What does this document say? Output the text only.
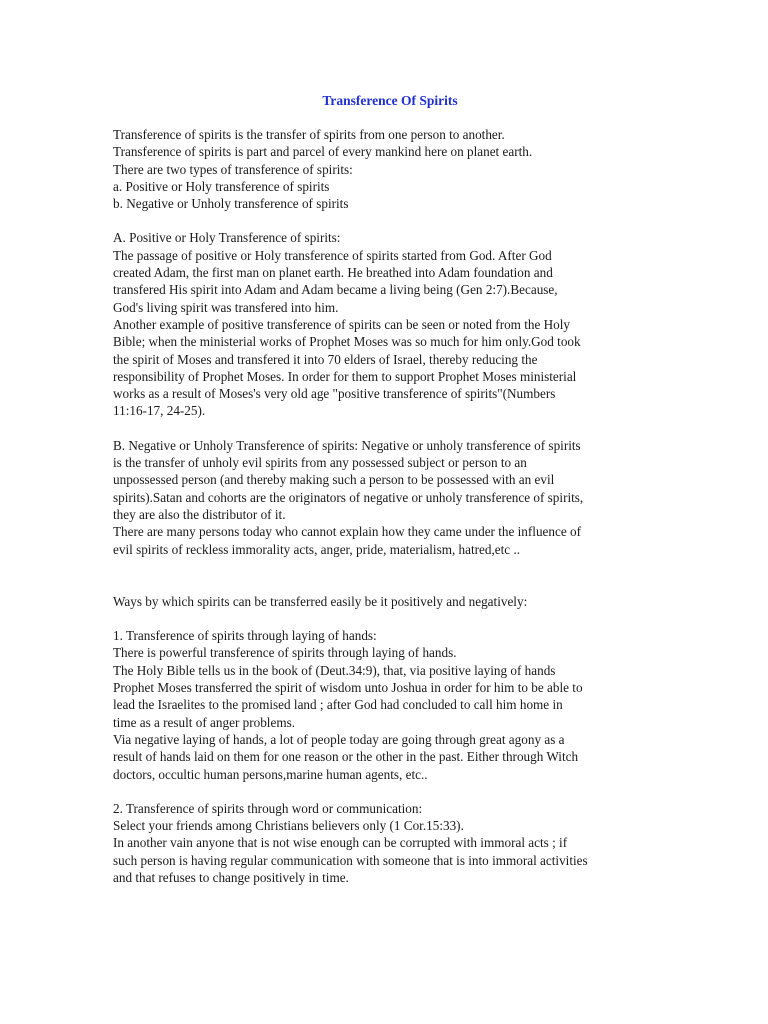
Transference Of Spirits

Transference of spirits is the transfer of spirits from one person to another.
Transference of spirits is part and parcel of every mankind here on planet earth.
There are two types of transference of spirits:
a. Positive or Holy transference of spirits
b. Negative or Unholy transference of spirits

A. Positive or Holy Transference of spirits:
The passage of positive or Holy transference of spirits started from God. After God
created Adam, the first man on planet earth. He breathed into Adam foundation and
transfered His spirit into Adam and Adam became a living being (Gen 2:7).Because,
God's living spirit was transfered into him.
Another example of positive transference of spirits can be seen or noted from the Holy
Bible; when the ministerial works of Prophet Moses was so much for him only.God took
the spirit of Moses and transfered it into 70 elders of Israel, thereby reducing the
responsibility of Prophet Moses. In order for them to support Prophet Moses ministerial
works as a result of Moses's very old age "positive transference of spirits"(Numbers
11:16-17, 24-25).

B. Negative or Unholy Transference of spirits: Negative or unholy transference of spirits
is the transfer of unholy evil spirits from any possessed subject or person to an
unpossessed person (and thereby making such a person to be possessed with an evil
spirits).Satan and cohorts are the originators of negative or unholy transference of spirits,
they are also the distributor of it.
There are many persons today who cannot explain how they came under the influence of
evil spirits of reckless immorality acts, anger, pride, materialism, hatred,etc ..

Ways by which spirits can be transferred easily be it positively and negatively:

1. Transference of spirits through laying of hands:
There is powerful transference of spirits through laying of hands.
The Holy Bible tells us in the book of (Deut.34:9), that, via positive laying of hands
Prophet Moses transferred the spirit of wisdom unto Joshua in order for him to be able to
lead the Israelites to the promised land ; after God had concluded to call him home in
time as a result of anger problems.
Via negative laying of hands, a lot of people today are going through great agony as a
result of hands laid on them for one reason or the other in the past. Either through Witch
doctors, occultic human persons,marine human agents, etc..

2. Transference of spirits through word or communication:
Select your friends among Christians believers only (1 Cor.15:33).
In another vain anyone that is not wise enough can be corrupted with immoral acts ; if
such person is having regular communication with someone that is into immoral activities
and that refuses to change positively in time.
